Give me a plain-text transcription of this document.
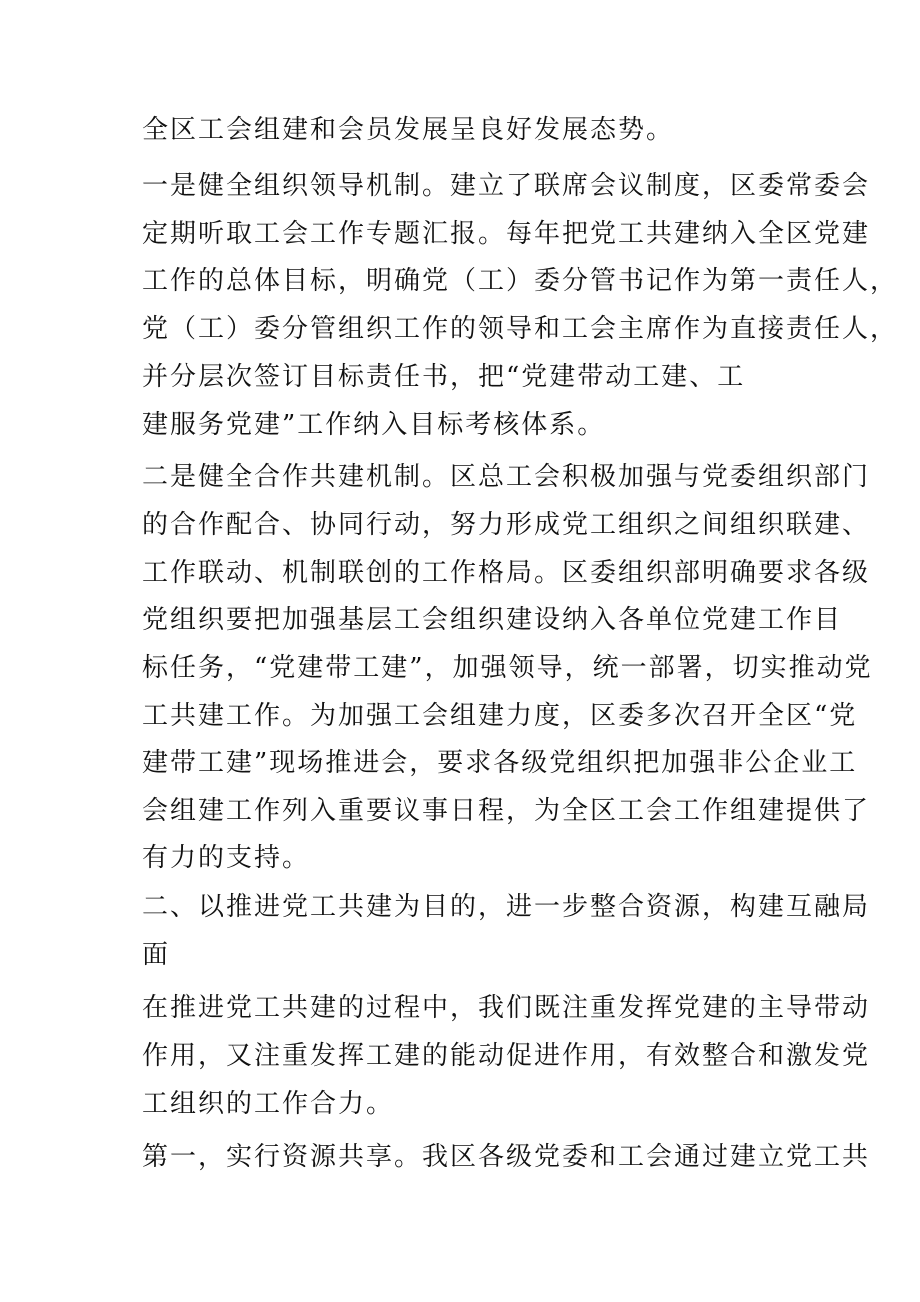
全区工会组建和会员发展呈良好发展态势。
一是健全组织领导机制。建立了联席会议制度，区委常委会
定期听取工会工作专题汇报。每年把党工共建纳入全区党建
工作的总体目标，明确党（工）委分管书记作为第一责任人，
党（工）委分管组织工作的领导和工会主席作为直接责任人，
并分层次签订目标责任书，把“党建带动工建、工
建服务党建”工作纳入目标考核体系。
二是健全合作共建机制。区总工会积极加强与党委组织部门
的合作配合、协同行动，努力形成党工组织之间组织联建、
工作联动、机制联创的工作格局。区委组织部明确要求各级
党组织要把加强基层工会组织建设纳入各单位党建工作目
标任务，“党建带工建”，加强领导，统一部署，切实推动党
工共建工作。为加强工会组建力度，区委多次召开全区“党
建带工建”现场推进会，要求各级党组织把加强非公企业工
会组建工作列入重要议事日程，为全区工会工作组建提供了
有力的支持。
二、以推进党工共建为目的，进一步整合资源，构建互融局
面
在推进党工共建的过程中，我们既注重发挥党建的主导带动
作用，又注重发挥工建的能动促进作用，有效整合和激发党
工组织的工作合力。
第一，实行资源共享。我区各级党委和工会通过建立党工共
